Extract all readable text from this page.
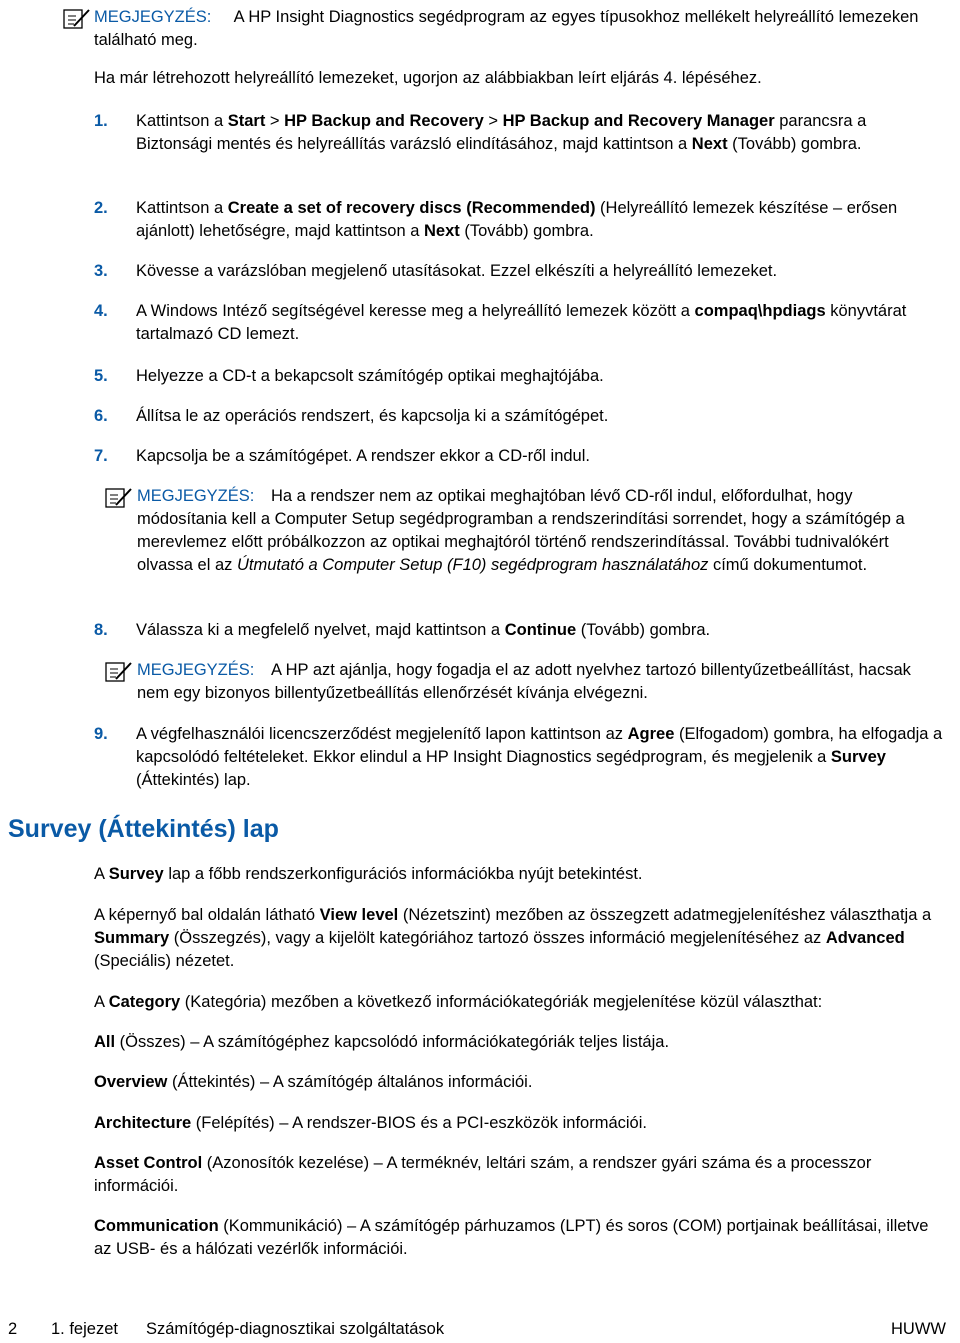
MEGJEGYZÉS: A HP Insight Diagnostics segédprogram az egyes típusokhoz mellékelt helyreállító lemezeken található meg.

Ha már létrehozott helyreállító lemezeket, ugorjon az alábbiakban leírt eljárás 4. lépéséhez.

1.	Kattintson a Start > HP Backup and Recovery > HP Backup and Recovery Manager parancsra a Biztonsági mentés és helyreállítás varázsló elindításához, majd kattintson a Next (Tovább) gombra.
2.	Kattintson a Create a set of recovery discs (Recommended) (Helyreállító lemezek készítése – erősen ajánlott) lehetőségre, majd kattintson a Next (Tovább) gombra.
3.	Kövesse a varázslóban megjelenő utasításokat. Ezzel elkészíti a helyreállító lemezeket.
4.	A Windows Intéző segítségével keresse meg a helyreállító lemezek között a compaq\hpdiags könyvtárat tartalmazó CD lemezt.
5.	Helyezze a CD-t a bekapcsolt számítógép optikai meghajtójába.
6.	Állítsa le az operációs rendszert, és kapcsolja ki a számítógépet.
7.	Kapcsolja be a számítógépet. A rendszer ekkor a CD-ről indul.
MEGJEGYZÉS: Ha a rendszer nem az optikai meghajtóban lévő CD-ről indul, előfordulhat, hogy módosítania kell a Computer Setup segédprogramban a rendszerindítási sorrendet, hogy a számítógép a merevlemez előtt próbálkozzon az optikai meghajtóról történő rendszerindítással. További tudnivalókért olvassa el az Útmutató a Computer Setup (F10) segédprogram használatához című dokumentumot.
8.	Válassza ki a megfelelő nyelvet, majd kattintson a Continue (Tovább) gombra.
MEGJEGYZÉS: A HP azt ajánlja, hogy fogadja el az adott nyelvhez tartozó billentyűzetbeállítást, hacsak nem egy bizonyos billentyűzetbeállítás ellenőrzését kívánja elvégezni.
9.	A végfelhasználói licencszerződést megjelenítő lapon kattintson az Agree (Elfogadom) gombra, ha elfogadja a kapcsolódó feltételeket. Ekkor elindul a HP Insight Diagnostics segédprogram, és megjelenik a Survey (Áttekintés) lap.
Survey (Áttekintés) lap

A Survey lap a főbb rendszerkonfigurációs információkba nyújt betekintést.

A képernyő bal oldalán látható View level (Nézetszint) mezőben az összegzett adatmegjelenítéshez választhatja a Summary (Összegzés), vagy a kijelölt kategóriához tartozó összes információ megjelenítéséhez az Advanced (Speciális) nézetet.

A Category (Kategória) mezőben a következő információkategóriák megjelenítése közül választhat:

All (Összes) – A számítógéphez kapcsolódó információkategóriák teljes listája.

Overview (Áttekintés) – A számítógép általános információi.

Architecture (Felépítés) – A rendszer-BIOS és a PCI-eszközök információi.

Asset Control (Azonosítók kezelése) – A terméknév, leltári szám, a rendszer gyári száma és a processzor információi.

Communication (Kommunikáció) – A számítógép párhuzamos (LPT) és soros (COM) portjainak beállításai, illetve az USB- és a hálózati vezérlők információi.

2 1. fejezet Számítógép-diagnosztikai szolgáltatások	HUWW
